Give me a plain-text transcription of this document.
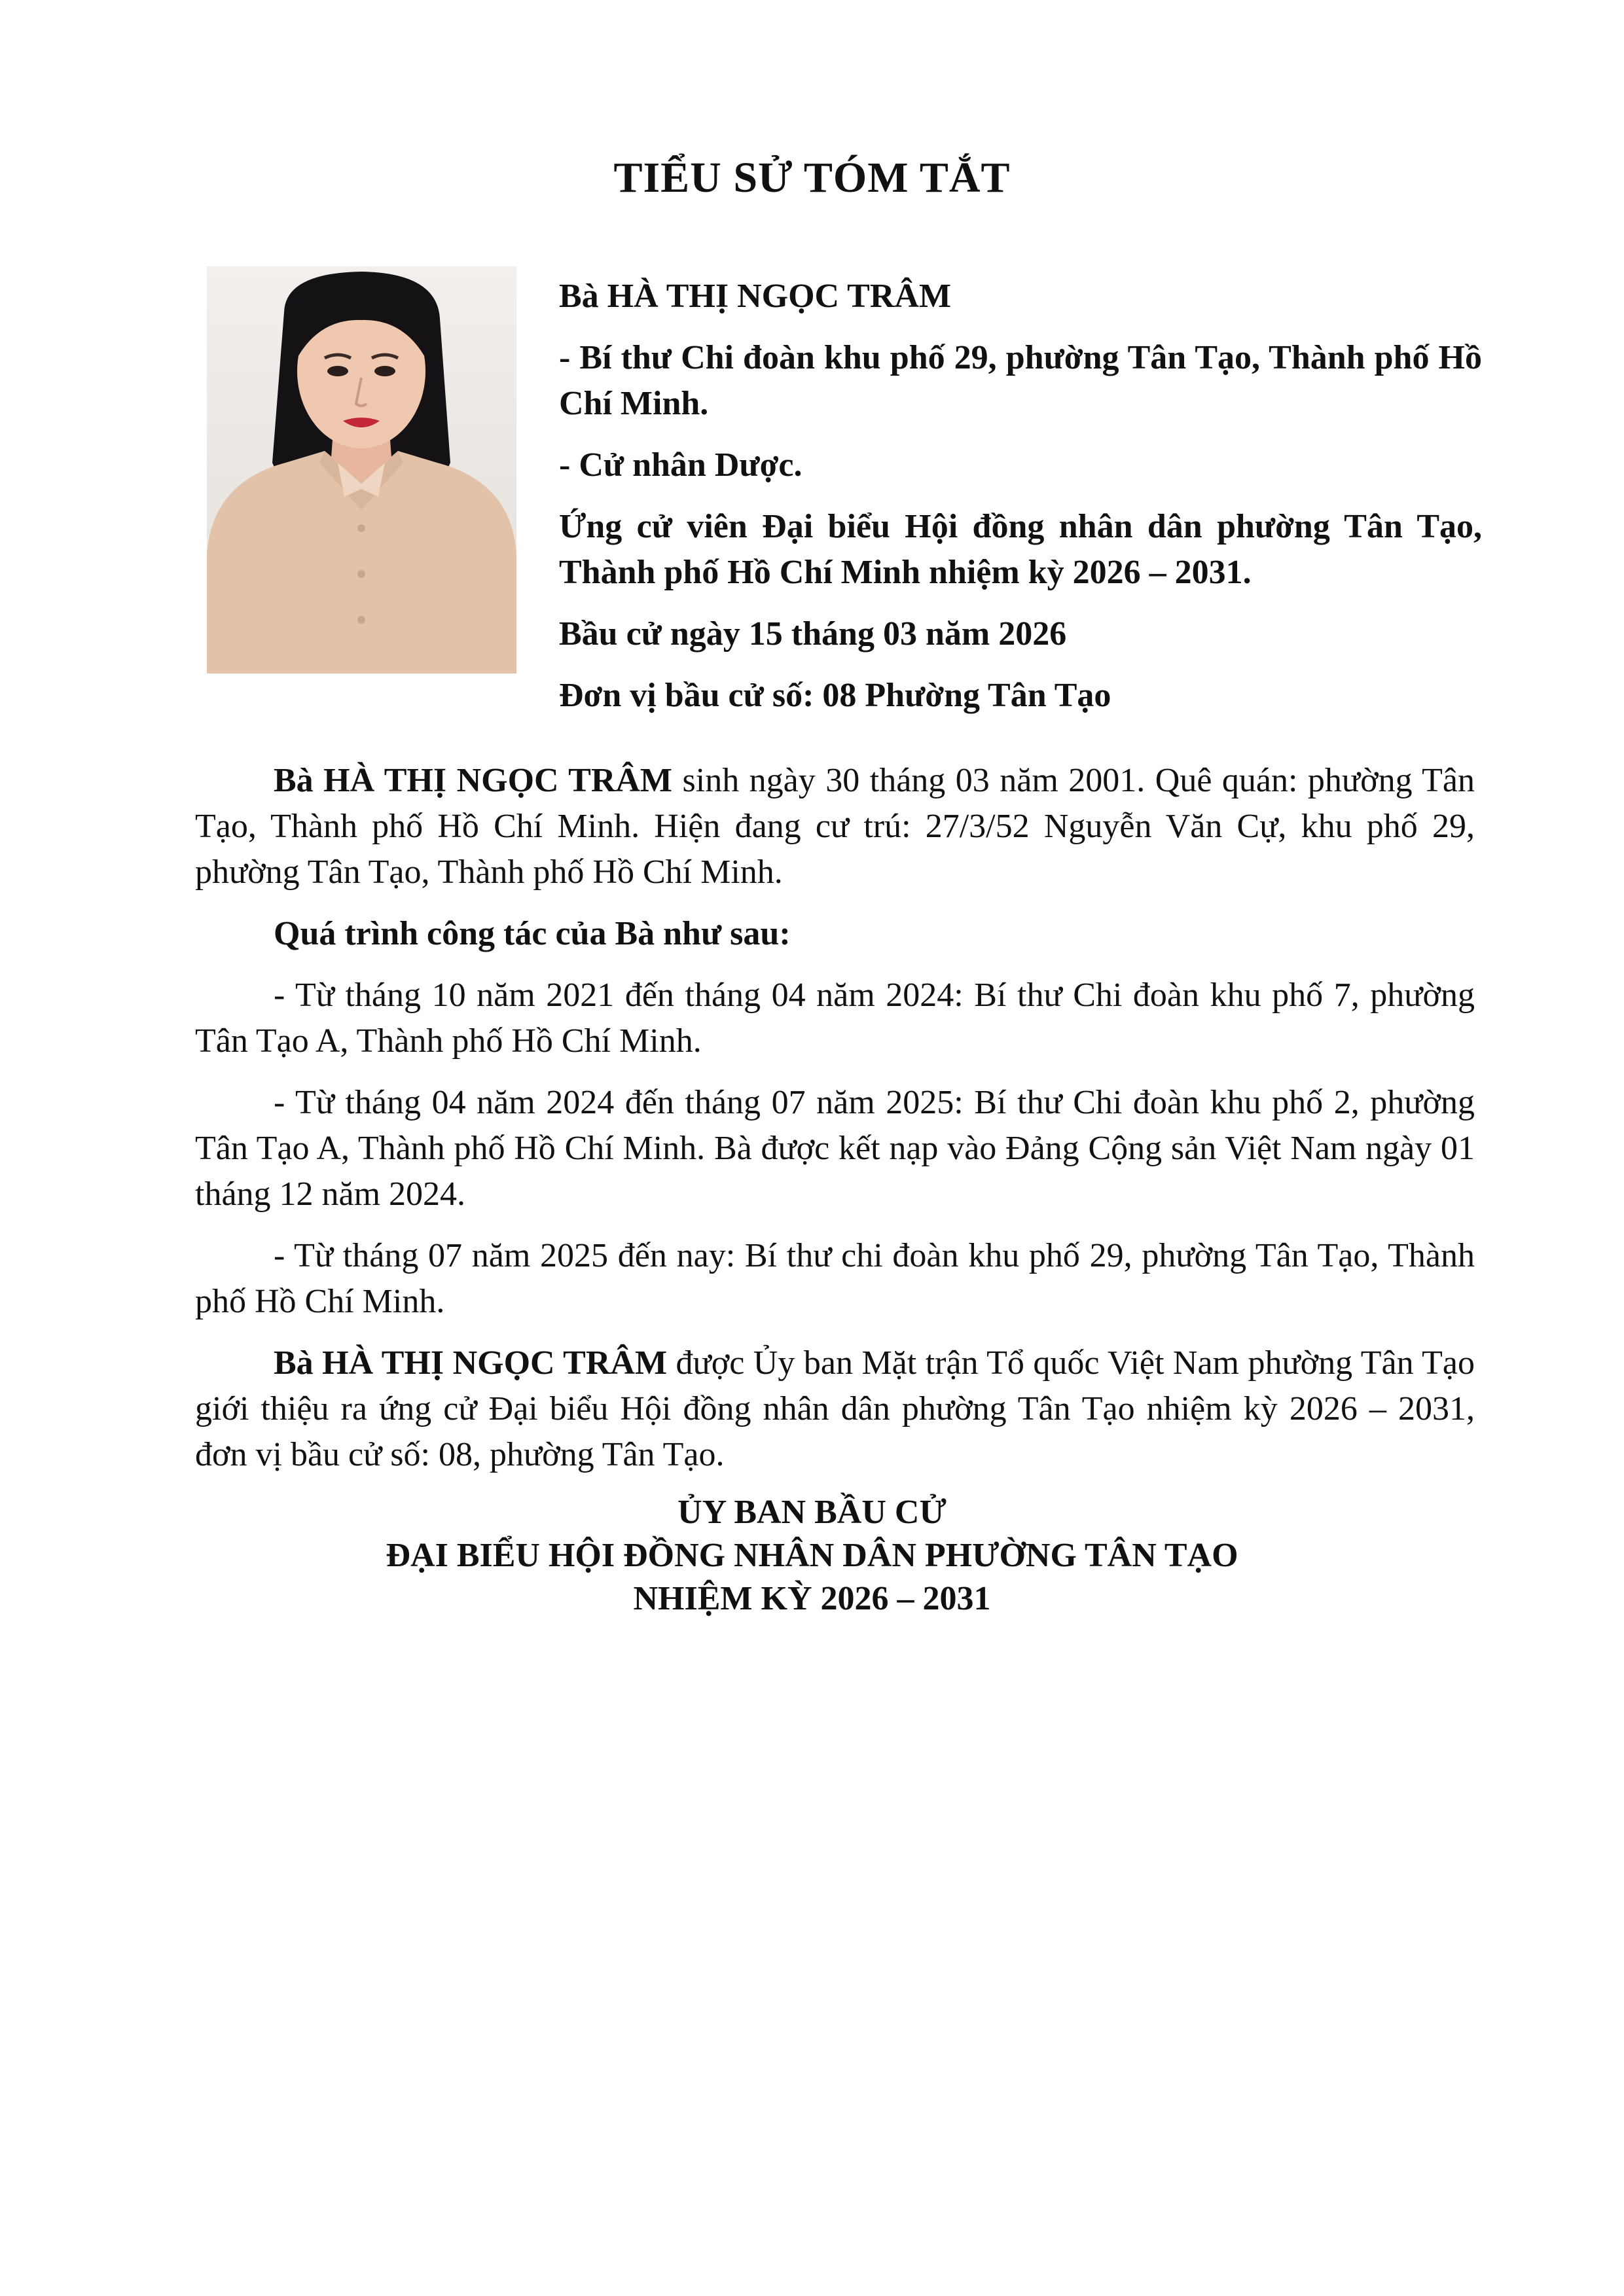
TIỂU SỬ TÓM TẮT

Bà HÀ THỊ NGỌC TRÂM

- Bí thư Chi đoàn khu phố 29, phường Tân Tạo, Thành phố Hồ Chí Minh.

- Cử nhân Dược.

Ứng cử viên Đại biểu Hội đồng nhân dân phường Tân Tạo, Thành phố Hồ Chí Minh nhiệm kỳ 2026 – 2031.

Bầu cử ngày 15 tháng 03 năm 2026

Đơn vị bầu cử số: 08 Phường Tân Tạo

Bà HÀ THỊ NGỌC TRÂM sinh ngày 30 tháng 03 năm 2001. Quê quán: phường Tân Tạo, Thành phố Hồ Chí Minh. Hiện đang cư trú: 27/3/52 Nguyễn Văn Cự, khu phố 29, phường Tân Tạo, Thành phố Hồ Chí Minh.

Quá trình công tác của Bà như sau:

- Từ tháng 10 năm 2021 đến tháng 04 năm 2024: Bí thư Chi đoàn khu phố 7, phường Tân Tạo A, Thành phố Hồ Chí Minh.

- Từ tháng 04 năm 2024 đến tháng 07 năm 2025: Bí thư Chi đoàn khu phố 2, phường Tân Tạo A, Thành phố Hồ Chí Minh. Bà được kết nạp vào Đảng Cộng sản Việt Nam ngày 01 tháng 12 năm 2024.

- Từ tháng 07 năm 2025 đến nay: Bí thư chi đoàn khu phố 29, phường Tân Tạo, Thành phố Hồ Chí Minh.

Bà HÀ THỊ NGỌC TRÂM được Ủy ban Mặt trận Tổ quốc Việt Nam phường Tân Tạo giới thiệu ra ứng cử Đại biểu Hội đồng nhân dân phường Tân Tạo nhiệm kỳ 2026 – 2031, đơn vị bầu cử số: 08, phường Tân Tạo.

ỦY BAN BẦU CỬ
ĐẠI BIỂU HỘI ĐỒNG NHÂN DÂN PHƯỜNG TÂN TẠO
NHIỆM KỲ 2026 – 2031
